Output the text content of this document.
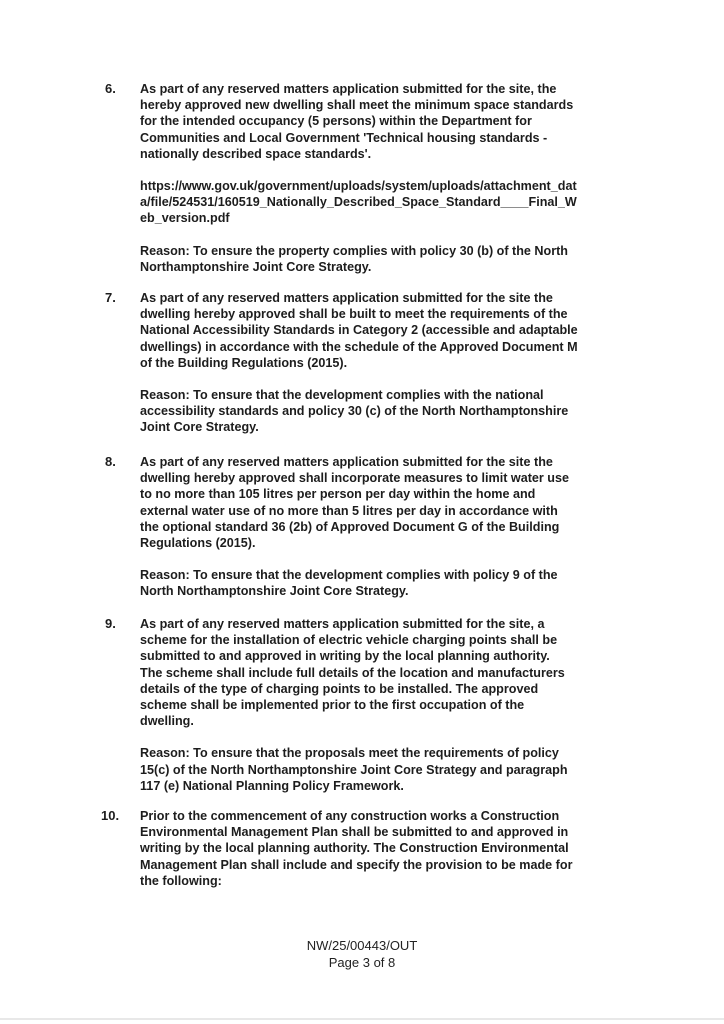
6. As part of any reserved matters application submitted for the site, the
hereby approved new dwelling shall meet the minimum space standards
for the intended occupancy (5 persons) within the Department for
Communities and Local Government 'Technical housing standards -
nationally described space standards'.

https://www.gov.uk/government/uploads/system/uploads/attachment_dat
a/file/524531/160519_Nationally_Described_Space_Standard____Final_W
eb_version.pdf

Reason: To ensure the property complies with policy 30 (b) of the North
Northamptonshire Joint Core Strategy.

7. As part of any reserved matters application submitted for the site the
dwelling hereby approved shall be built to meet the requirements of the
National Accessibility Standards in Category 2 (accessible and adaptable
dwellings) in accordance with the schedule of the Approved Document M
of the Building Regulations (2015).

Reason: To ensure that the development complies with the national
accessibility standards and policy 30 (c) of the North Northamptonshire
Joint Core Strategy.

8. As part of any reserved matters application submitted for the site the
dwelling hereby approved shall incorporate measures to limit water use
to no more than 105 litres per person per day within the home and
external water use of no more than 5 litres per day in accordance with
the optional standard 36 (2b) of Approved Document G of the Building
Regulations (2015).

Reason: To ensure that the development complies with policy 9 of the
North Northamptonshire Joint Core Strategy.

9. As part of any reserved matters application submitted for the site, a
scheme for the installation of electric vehicle charging points shall be
submitted to and approved in writing by the local planning authority.
The scheme shall include full details of the location and manufacturers
details of the type of charging points to be installed. The approved
scheme shall be implemented prior to the first occupation of the
dwelling.

Reason: To ensure that the proposals meet the requirements of policy
15(c) of the North Northamptonshire Joint Core Strategy and paragraph
117 (e) National Planning Policy Framework.

10. Prior to the commencement of any construction works a Construction
Environmental Management Plan shall be submitted to and approved in
writing by the local planning authority. The Construction Environmental
Management Plan shall include and specify the provision to be made for
the following:

NW/25/00443/OUT
Page 3 of 8
